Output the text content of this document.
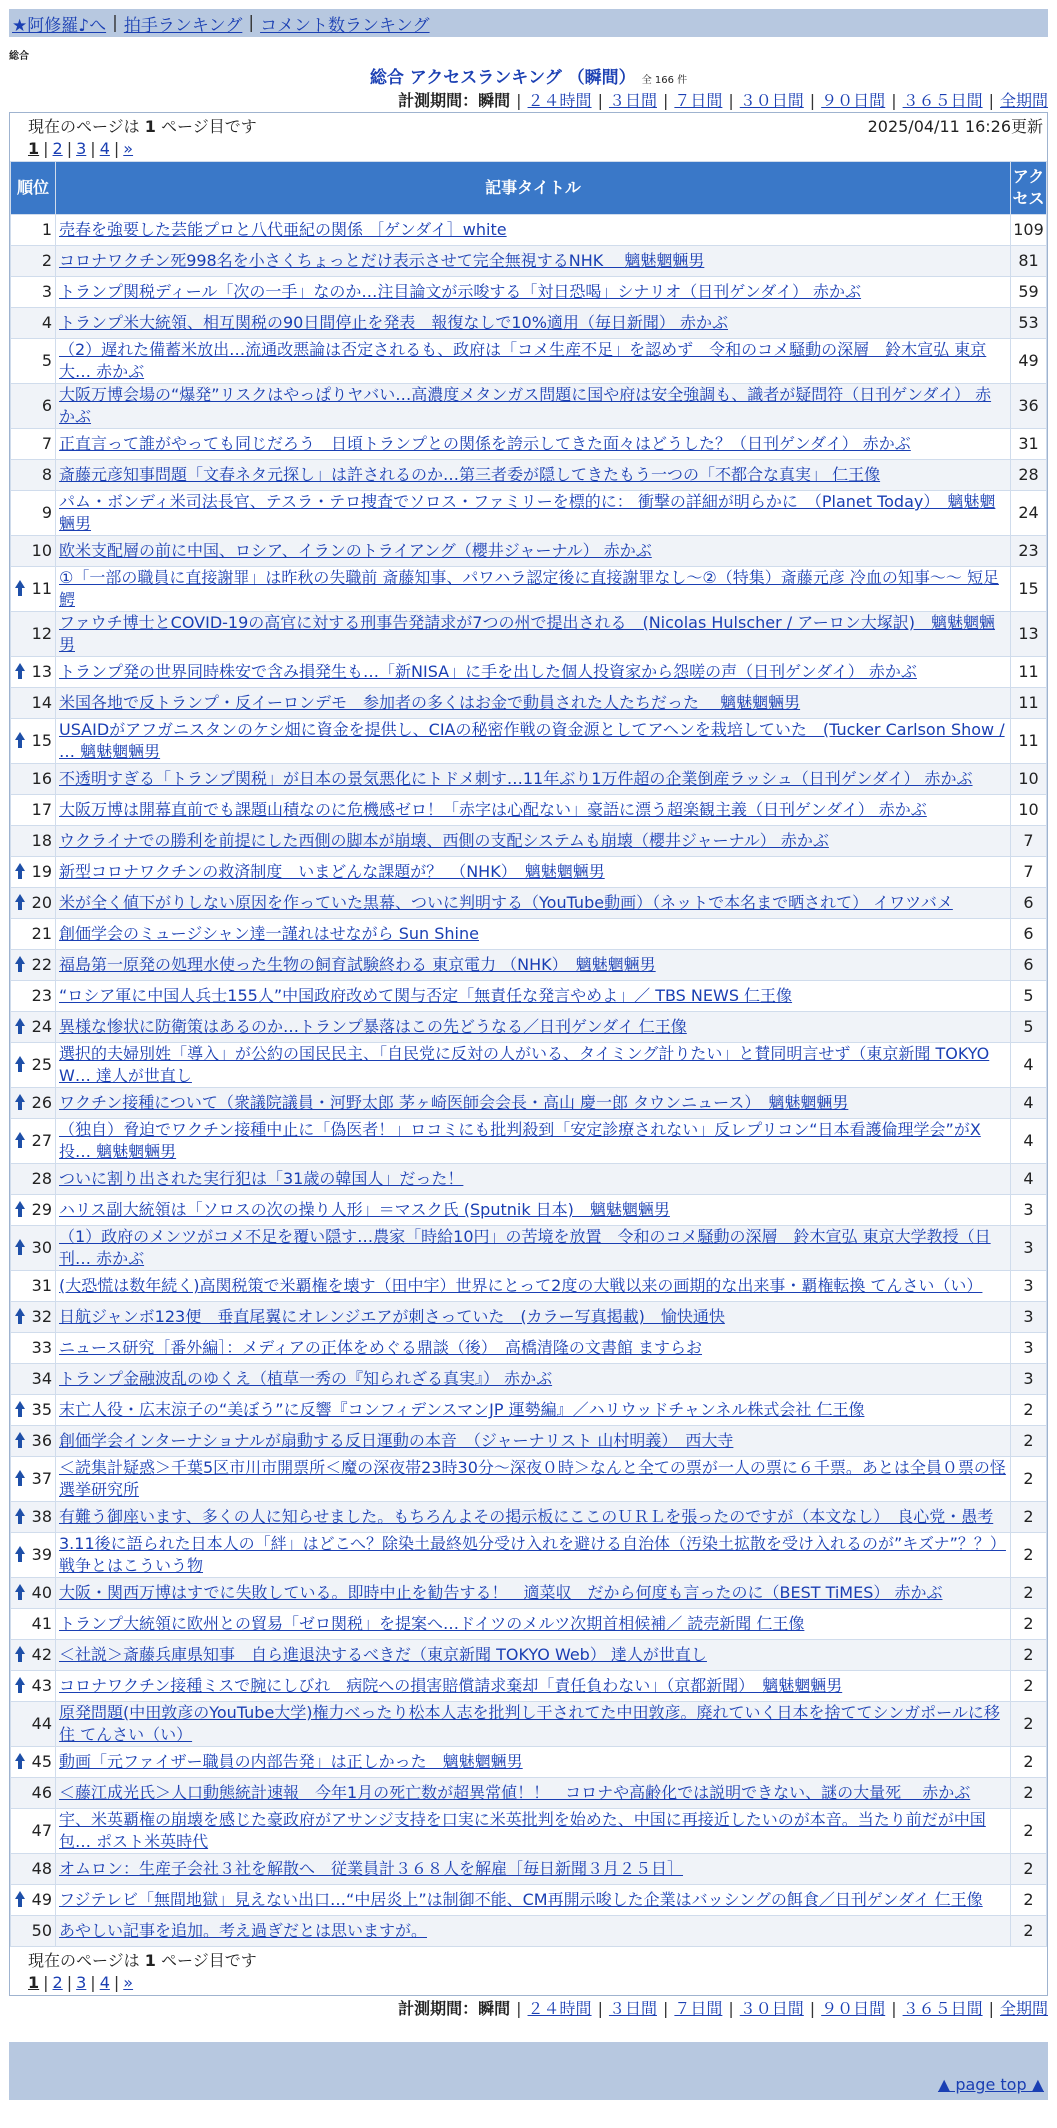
★阿修羅♪へ | 拍手ランキング | コメント数ランキング
総合
総合 アクセスランキング （瞬間） 全 166 件
計測期間：瞬間 | ２４時間 | ３日間 | ７日間 | ３０日間 | ９０日間 | ３６５日間 | 全期間
現在のページは 1 ページ目です	2025/04/11 16:26更新
1 | 2 | 3 | 4 | »
順位	記事タイトル	アクセス
1	売春を強要した芸能プロと八代亜紀の関係 ［ゲンダイ］white	109
2	コロナワクチン死998名を小さくちょっとだけ表示させて完全無視するNHK　 魑魅魍魎男	81
3	トランプ関税ディール「次の一手」なのか…注目論文が示唆する「対日恐喝」シナリオ（日刊ゲンダイ） 赤かぶ	59
4	トランプ米大統領、相互関税の90日間停止を発表　報復なしで10%適用（毎日新聞） 赤かぶ	53
5	（2）遅れた備蓄米放出…流通改悪論は否定されるも、政府は「コメ生産不足」を認めず　令和のコメ騒動の深層　鈴木宣弘 東京大… 赤かぶ	49
6	大阪万博会場の“爆発”リスクはやっぱりヤバい…高濃度メタンガス問題に国や府は安全強調も、識者が疑問符（日刊ゲンダイ） 赤かぶ	36
7	正直言って誰がやっても同じだろう　日頃トランプとの関係を誇示してきた面々はどうした？（日刊ゲンダイ） 赤かぶ	31
8	斎藤元彦知事問題「文春ネタ元探し」は許されるのか…第三者委が隠してきたもう一つの「不都合な真実」 仁王像	28
9	パム・ボンディ米司法長官、テスラ・テロ捜査でソロス・ファミリーを標的に： 衝撃の詳細が明らかに　（Planet Today）　魑魅魍魎男	24
10	欧米支配層の前に中国、ロシア、イランのトライアング（櫻井ジャーナル） 赤かぶ	23

11	①「一部の職員に直接謝罪」は昨秋の失職前 斎藤知事、パワハラ認定後に直接謝罪なし〜②（特集）斎藤元彦 冷血の知事〜〜 短足鰐	15
12	ファウチ博士とCOVID-19の高官に対する刑事告発請求が7つの州で提出される　(Nicolas Hulscher / アーロン大塚訳)　魑魅魍魎男	13

13	トランプ発の世界同時株安で含み損発生も…「新NISA」に手を出した個人投資家から怨嗟の声（日刊ゲンダイ） 赤かぶ	11
14	米国各地で反トランプ・反イーロンデモ　参加者の多くはお金で動員された人たちだった　 魑魅魍魎男	11

15	USAIDがアフガニスタンのケシ畑に資金を提供し、CIAの秘密作戦の資金源としてアヘンを栽培していた　(Tucker Carlson Show / … 魑魅魍魎男	11
16	不透明すぎる「トランプ関税」が日本の景気悪化にトドメ刺す…11年ぶり1万件超の企業倒産ラッシュ（日刊ゲンダイ） 赤かぶ	10
17	大阪万博は開幕直前でも課題山積なのに危機感ゼロ！「赤字は心配ない」豪語に漂う超楽観主義（日刊ゲンダイ） 赤かぶ	10
18	ウクライナでの勝利を前提にした西側の脚本が崩壊、西側の支配システムも崩壊（櫻井ジャーナル） 赤かぶ	7

19	新型コロナワクチンの救済制度　いまどんな課題が？　（NHK）　魑魅魍魎男	7

20	米が全く値下がりしない原因を作っていた黒幕、ついに判明する（YouTube動画）（ネットで本名まで晒されて） イワツバメ	6
21	創価学会のミュージシャン達一謹れはせながら Sun Shine	6

22	福島第一原発の処理水使った生物の飼育試験終わる 東京電力 （NHK）　魑魅魍魎男	6
23	“ロシア軍に中国人兵士155人”中国政府改めて関与否定「無責任な発言やめよ」／ TBS NEWS 仁王像	5

24	異様な惨状に防衛策はあるのか…トランプ暴落はこの先どうなる／日刊ゲンダイ 仁王像	5

25	選択的夫婦別姓「導入」が公約の国民民主、「自民党に反対の人がいる、タイミング計りたい」と賛同明言せず（東京新聞 TOKYO W… 達人が世直し	4

26	ワクチン接種について（衆議院議員・河野太郎 茅ヶ崎医師会会長・高山 慶一郎 タウンニュース）　魑魅魍魎男	4

27	（独自）脅迫でワクチン接種中止に「偽医者！」ロコミにも批判殺到「安定診療されない」反レプリコン“日本看護倫理学会”がX投… 魑魅魍魎男	4
28	ついに割り出された実行犯は「31歳の韓国人」だった！	4

29	ハリス副大統領は「ソロスの次の操り人形」＝マスク氏 (Sputnik 日本)　魑魅魍魎男	3

30	（1）政府のメンツがコメ不足を覆い隠す…農家「時給10円」の苦境を放置　令和のコメ騒動の深層　鈴木宣弘 東京大学教授（日刊… 赤かぶ	3
31	(大恐慌は数年続く)高関税策で米覇権を壊す（田中宇）世界にとって2度の大戦以来の画期的な出来事・覇権転換 てんさい（い）	3

32	日航ジャンボ123便　垂直尾翼にオレンジエアが刺さっていた　(カラー写真掲載)　愉快通快	3
33	ニュース研究［番外編］：メディアの正体をめぐる鼎談（後）　高橋清隆の文書館 ますらお	3
34	トランプ金融波乱のゆくえ（植草一秀の『知られざる真実』） 赤かぶ	3

35	末亡人役・広末涼子の“美ぼう”に反響『コンフィデンスマンJP 運勢編』／ハリウッドチャンネル株式会社 仁王像	2

36	創価学会インターナショナルが扇動する反日運動の本音　（ジャーナリスト 山村明義）　西大寺	2

37	＜読集計疑惑＞千葉5区市川市開票所＜魔の深夜帯23時30分〜深夜０時＞なんと全ての票が一人の票に６千票。あとは全員０票の怪選挙研究所	2

38	有難う御座います、多くの人に知らせました。もちろんよその掲示板にここのＵＲＬを張ったのですが（本文なし）　良心党・愚考	2

39	3.11後に語られた日本人の「絆」はどこへ？除染土最終処分受け入れを避ける自治体（汚染土拡散を受け入れるのが”キズナ”？？）戦争とはこういう物	2

40	大阪・関西万博はすでに失敗している。即時中止を勧告する！　適菜収　だから何度も言ったのに（BEST TiMES） 赤かぶ	2
41	トランプ大統領に欧州との貿易「ゼロ関税」を提案へ…ドイツのメルツ次期首相候補／ 読売新聞 仁王像	2

42	＜社説＞斎藤兵庫県知事　自ら進退決するべきだ（東京新聞 TOKYO Web） 達人が世直し	2

43	コロナワクチン接種ミスで腕にしびれ　病院への損害賠償請求棄却「責任負わない」（京都新聞）　魑魅魍魎男	2
44	原発問題(中田敦彦のYouTube大学)権力べったり松本人志を批判し干されてた中田敦彦。廃れていく日本を捨ててシンガポールに移住 てんさい（い）	2

45	動画「元ファイザー職員の内部告発」は正しかった　魑魅魍魎男	2
46	＜藤江成光氏＞人口動態統計速報　今年1月の死亡数が超異常値！！　コロナや高齢化では説明できない、謎の大量死　 赤かぶ	2
47	宇、米英覇権の崩壊を感じた豪政府がアサンジ支持を口実に米英批判を始めた、中国に再接近したいのが本音。当たり前だが中国包… ポスト米英時代	2
48	オムロン：生産子会社３社を解散へ　従業員計３６８人を解雇［毎日新聞３月２５日］	2

49	フジテレビ「無間地獄」見えない出口…“中居炎上”は制御不能、CM再開示唆した企業はバッシングの餌食／日刊ゲンダイ 仁王像	2
50	あやしい記事を追加。考え過ぎだとは思いますが。	2
現在のページは 1 ページ目です
1 | 2 | 3 | 4 | »
計測期間：瞬間 | ２４時間 | ３日間 | ７日間 | ３０日間 | ９０日間 | ３６５日間 | 全期間
▲ page top ▲
